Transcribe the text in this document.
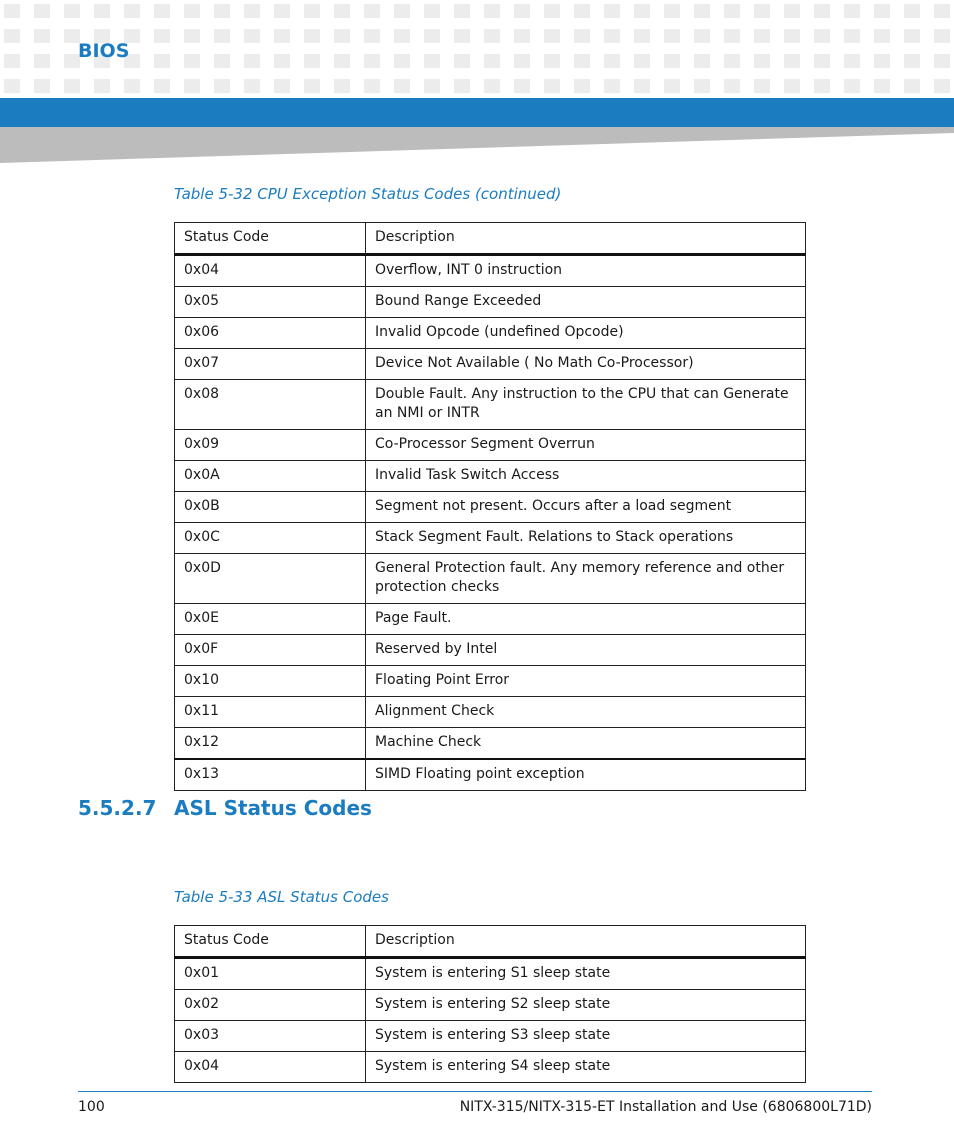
BIOS

Table 5-32 CPU Exception Status Codes (continued)

Status Code	Description
0x04	Overflow, INT 0 instruction
0x05	Bound Range Exceeded
0x06	Invalid Opcode (undefined Opcode)
0x07	Device Not Available ( No Math Co-Processor)
0x08	Double Fault. Any instruction to the CPU that can Generate an NMI or INTR
0x09	Co-Processor Segment Overrun
0x0A	Invalid Task Switch Access
0x0B	Segment not present. Occurs after a load segment
0x0C	Stack Segment Fault. Relations to Stack operations
0x0D	General Protection fault. Any memory reference and other protection checks
0x0E	Page Fault.
0x0F	Reserved by Intel
0x10	Floating Point Error
0x11	Alignment Check
0x12	Machine Check
0x13	SIMD Floating point exception
5.5.2.7 ASL Status Codes

Table 5-33 ASL Status Codes

Status Code	Description
0x01	System is entering S1 sleep state
0x02	System is entering S2 sleep state
0x03	System is entering S3 sleep state
0x04	System is entering S4 sleep state

100	NITX-315/NITX-315-ET Installation and Use (6806800L71D)
